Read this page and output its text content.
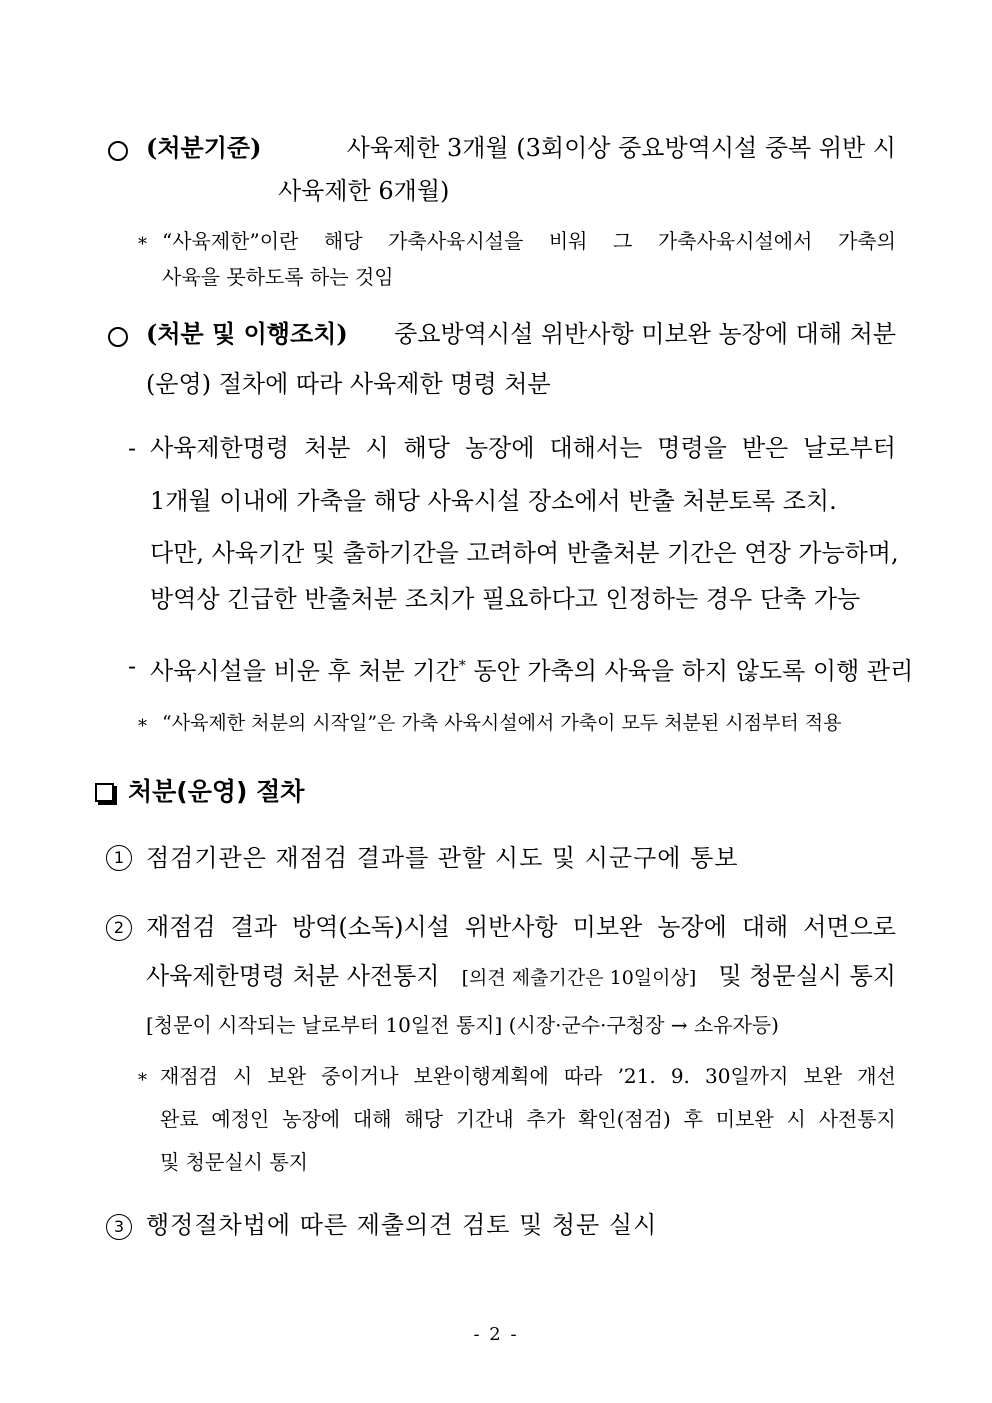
(처분기준)	사육제한 3개월 (3회이상 중요방역시설 중복 위반 시
사육제한 6개월)
* “사육제한”이란 해당 가축사육시설을 비워 그 가축사육시설에서 가축의
사육을 못하도록 하는 것임
(처분 및 이행조치) 중요방역시설 위반사항 미보완 농장에 대해 처분
(운영) 절차에 따라 사육제한 명령 처분
- 사육제한명령 처분 시 해당 농장에 대해서는 명령을 받은 날로부터
1개월 이내에 가축을 해당 사육시설 장소에서 반출 처분토록 조치.
다만, 사육기간 및 출하기간을 고려하여 반출처분 기간은 연장 가능하며,
방역상 긴급한 반출처분 조치가 필요하다고 인정하는 경우 단축 가능
- 사육시설을 비운 후 처분 기간* 동안 가축의 사육을 하지 않도록 이행 관리
* “사육제한 처분의 시작일”은 가축 사육시설에서 가축이 모두 처분된 시점부터 적용
처분(운영) 절차
1 점검기관은 재점검 결과를 관할 시도 및 시군구에 통보
2 재점검 결과 방역(소독)시설 위반사항 미보완 농장에 대해 서면으로
사육제한명령 처분 사전통지 [의견 제출기간은 10일이상] 및 청문실시 통지
[청문이 시작되는 날로부터 10일전 통지] (시장·군수·구청장 → 소유자등)
* 재점검 시 보완 중이거나 보완이행계획에 따라 ’21. 9. 30일까지 보완 개선
완료 예정인 농장에 대해 해당 기간내 추가 확인(점검) 후 미보완 시 사전통지
및 청문실시 통지
3 행정절차법에 따른 제출의견 검토 및 청문 실시
- 2 -
